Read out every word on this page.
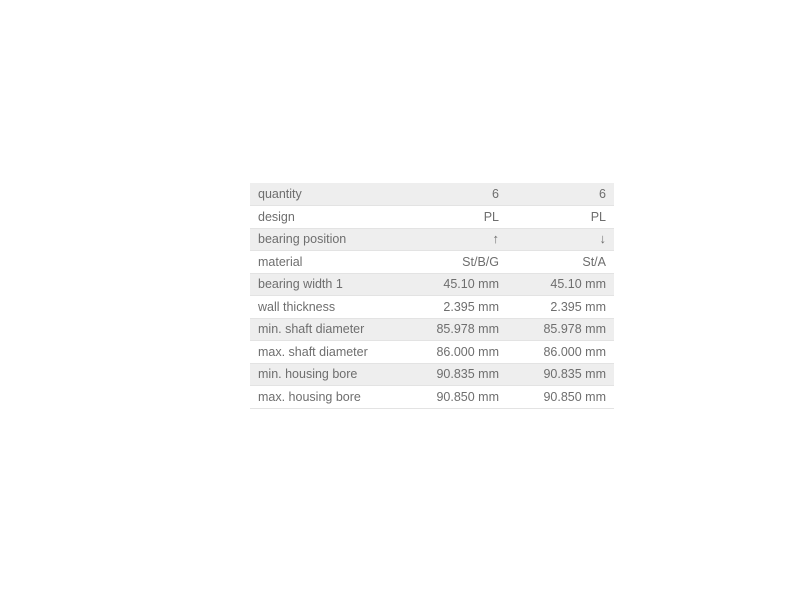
quantity	6	6
design	PL	PL
bearing position	↑	↓
material	St/B/G	St/A
bearing width 1	45.10 mm	45.10 mm
wall thickness	2.395 mm	2.395 mm
min. shaft diameter	85.978 mm	85.978 mm
max. shaft diameter	86.000 mm	86.000 mm
min. housing bore	90.835 mm	90.835 mm
max. housing bore	90.850 mm	90.850 mm
